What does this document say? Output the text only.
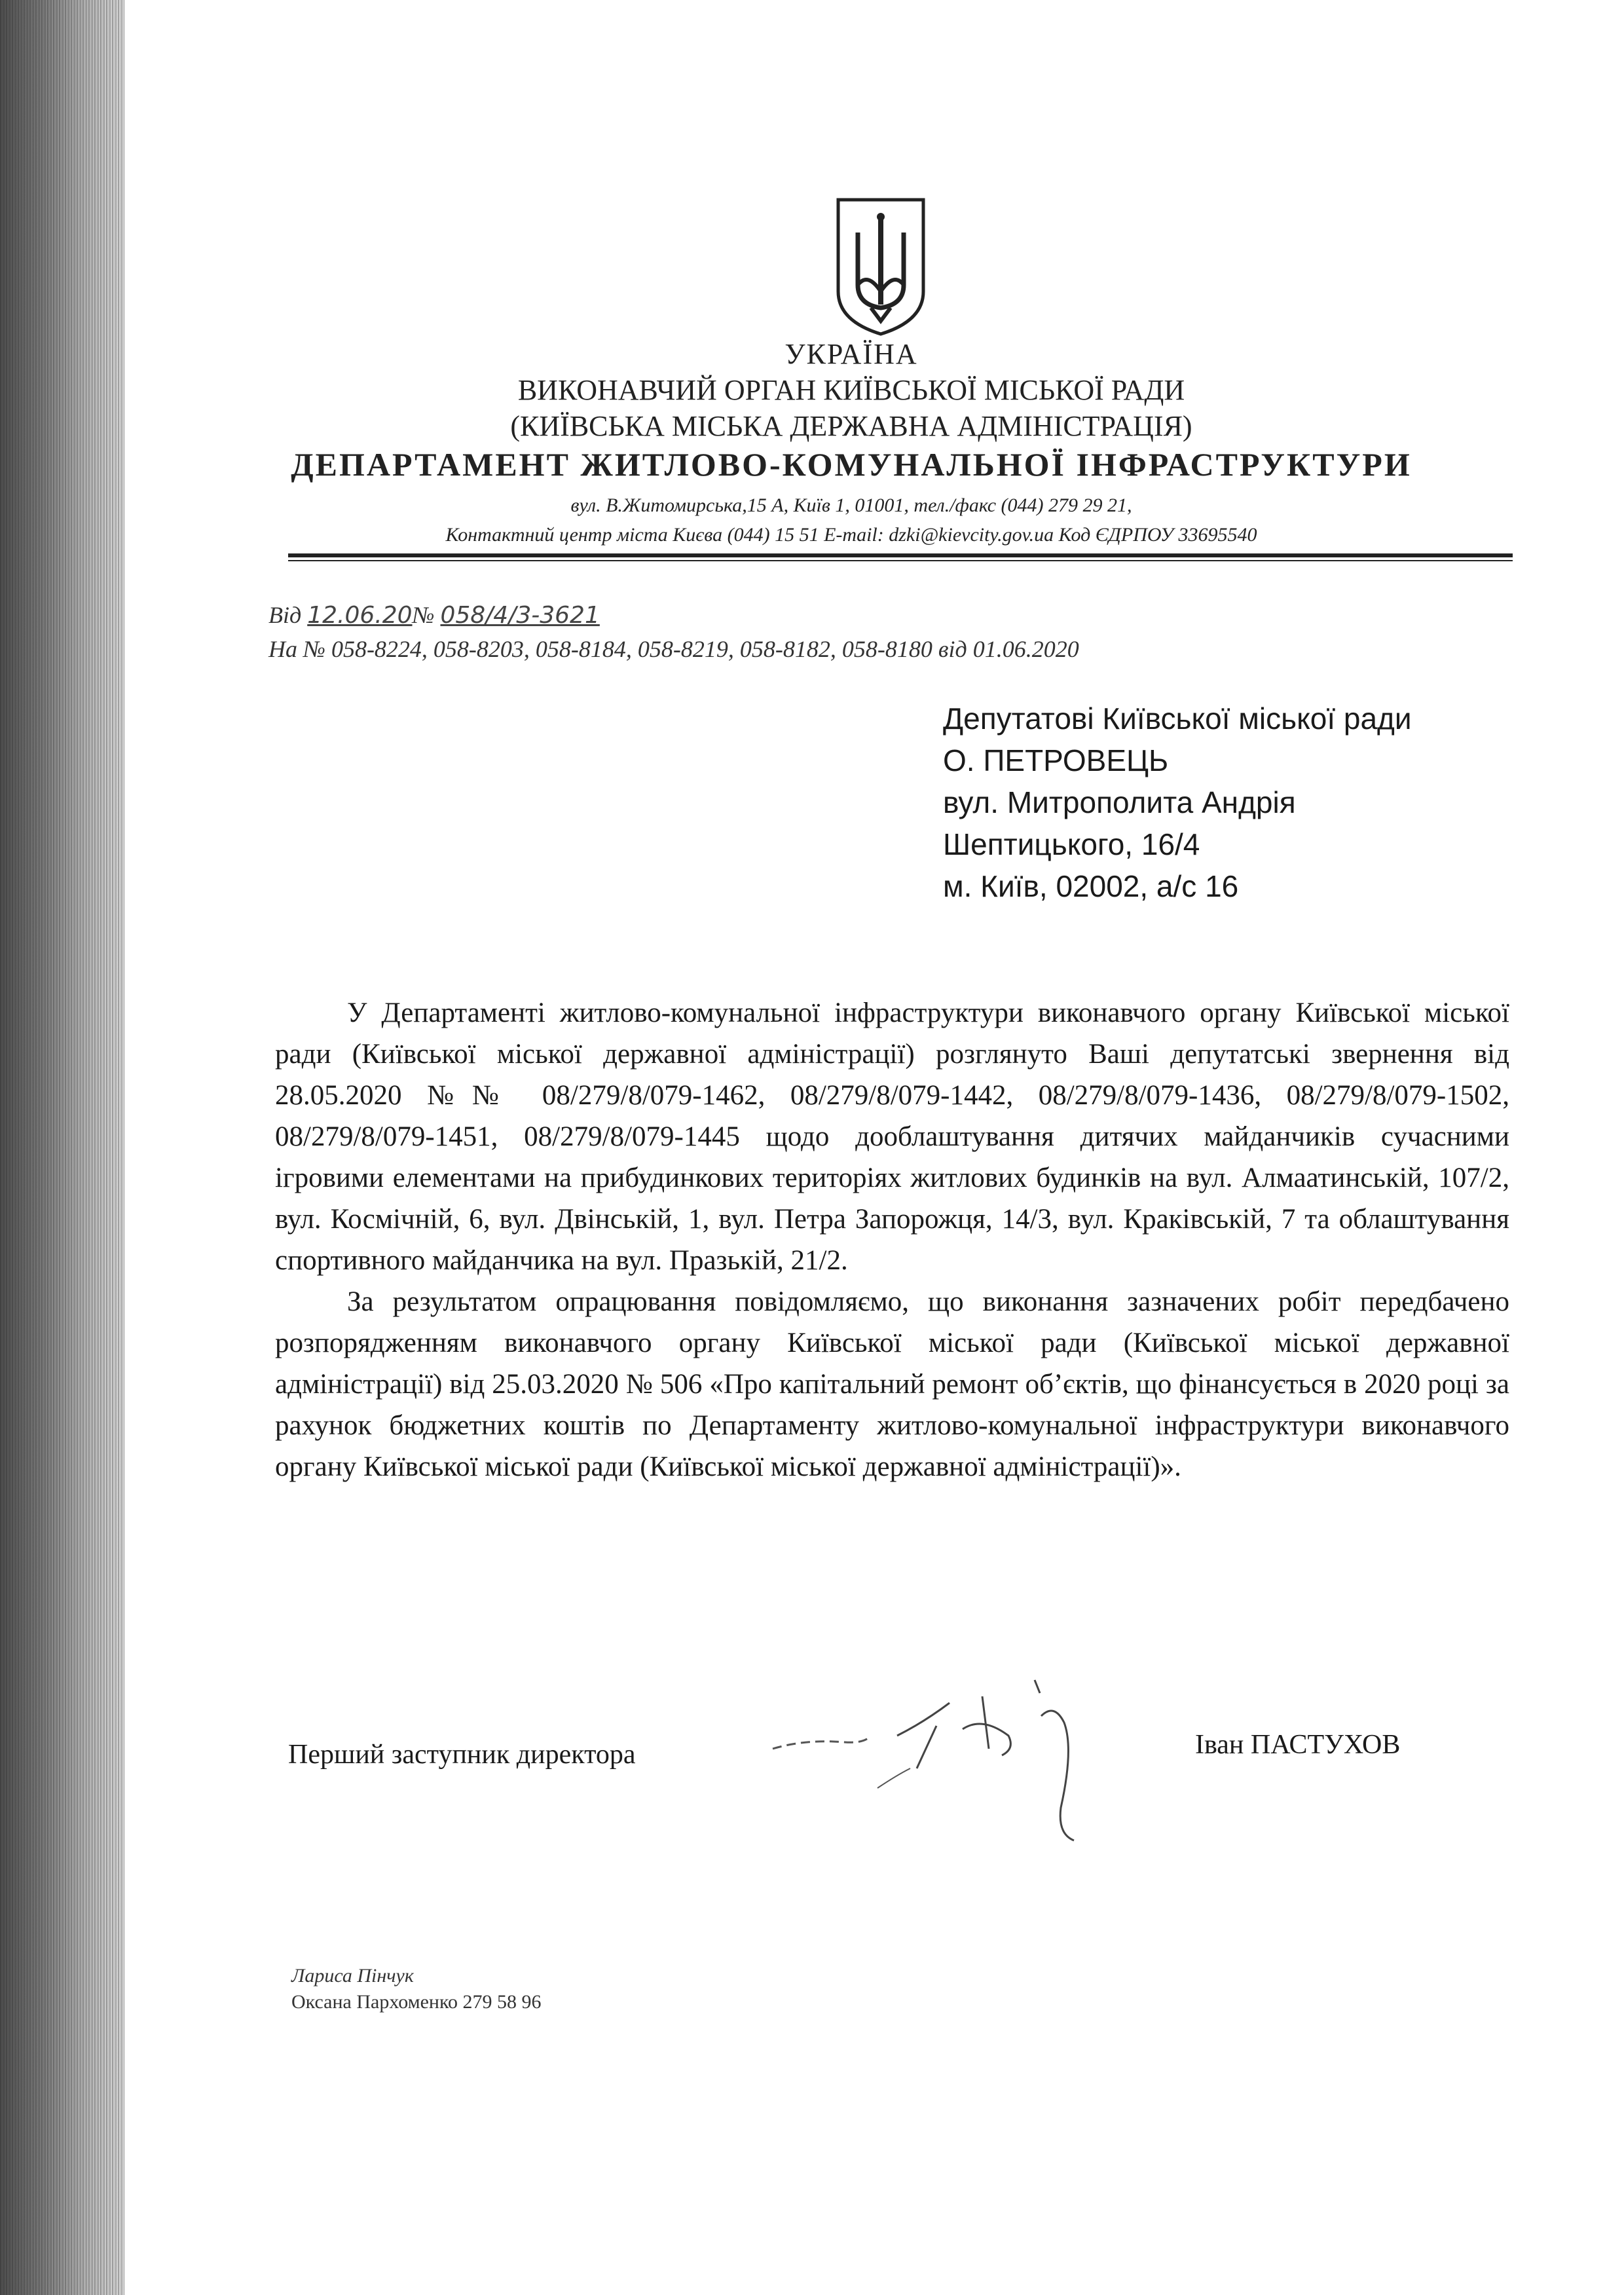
УКРАЇНА
ВИКОНАВЧИЙ ОРГАН КИЇВСЬКОЇ МІСЬКОЇ РАДИ
(КИЇВСЬКА МІСЬКА ДЕРЖАВНА АДМІНІСТРАЦІЯ)
ДЕПАРТАМЕНТ ЖИТЛОВО-КОМУНАЛЬНОЇ ІНФРАСТРУКТУРИ
вул. В.Житомирська,15 А, Київ 1, 01001, тел./факс (044) 279 29 21,
Контактний центр міста Києва (044) 15 51 E-mail: dzki@kievcity.gov.ua Код ЄДРПОУ 33695540
Від 12.06.20№ 058/4/3-3621
На № 058-8224, 058-8203, 058-8184, 058-8219, 058-8182, 058-8180 від 01.06.2020
Депутатові Київської міської ради
О. ПЕТРОВЕЦЬ
вул. Митрополита Андрія
Шептицького, 16/4
м. Київ, 02002, а/с 16

У Департаменті житлово-комунальної інфраструктури виконавчого органу Київської міської ради (Київської міської державної адміністрації) розглянуто Ваші депутатські звернення від 28.05.2020 №№ 08/279/8/079-1462, 08/279/8/079-1442, 08/279/8/079-1436, 08/279/8/079-1502, 08/279/8/079-1451, 08/279/8/079-1445 щодо дооблаштування дитячих майданчиків сучасними ігровими елементами на прибудинкових територіях житлових будинків на вул. Алмаатинській, 107/2, вул. Космічній, 6, вул. Двінській, 1, вул. Петра Запорожця, 14/3, вул. Краківській, 7 та облаштування спортивного майданчика на вул. Празькій, 21/2.

За результатом опрацювання повідомляємо, що виконання зазначених робіт передбачено розпорядженням виконавчого органу Київської міської ради (Київської міської державної адміністрації) від 25.03.2020 № 506 «Про капітальний ремонт об’єктів, що фінансується в 2020 році за рахунок бюджетних коштів по Департаменту житлово-комунальної інфраструктури виконавчого органу Київської міської ради (Київської міської державної адміністрації)».

Перший заступник директора	Іван ПАСТУХОВ
Лариса Пінчук
Оксана Пархоменко 279 58 96
